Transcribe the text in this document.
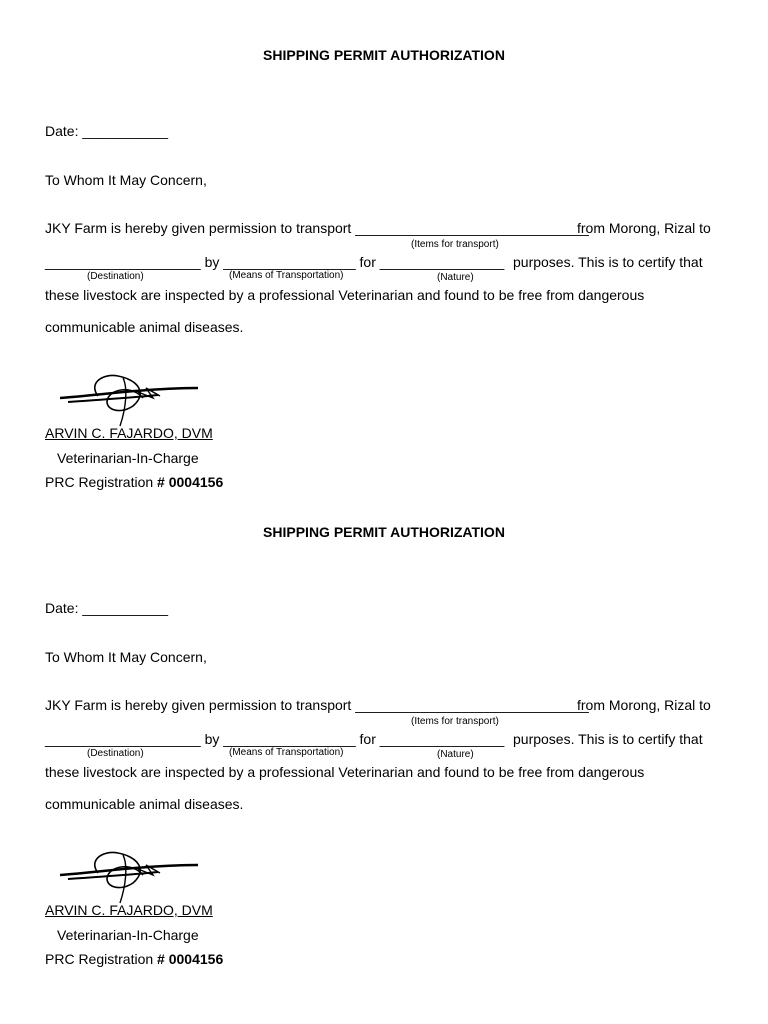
SHIPPING PERMIT AUTHORIZATION
Date: ___________
To Whom It May Concern,
JKY Farm is hereby given permission to transport ______________________________
from Morong, Rizal to
(Items for transport)
____________________ by _________________ for ________________ purposes. This is to certify that
(Destination)	(Means of Transportation)	(Nature)
these livestock are inspected by a professional Veterinarian and found to be free from dangerous
communicable animal diseases.
ARVIN C. FAJARDO, DVM
Veterinarian-In-Charge
PRC Registration # 0004156
SHIPPING PERMIT AUTHORIZATION
Date: ___________
To Whom It May Concern,
JKY Farm is hereby given permission to transport ______________________________
from Morong, Rizal to
(Items for transport)
____________________ by _________________ for ________________ purposes. This is to certify that
(Destination)	(Means of Transportation)	(Nature)
these livestock are inspected by a professional Veterinarian and found to be free from dangerous
communicable animal diseases.
ARVIN C. FAJARDO, DVM
Veterinarian-In-Charge
PRC Registration # 0004156
